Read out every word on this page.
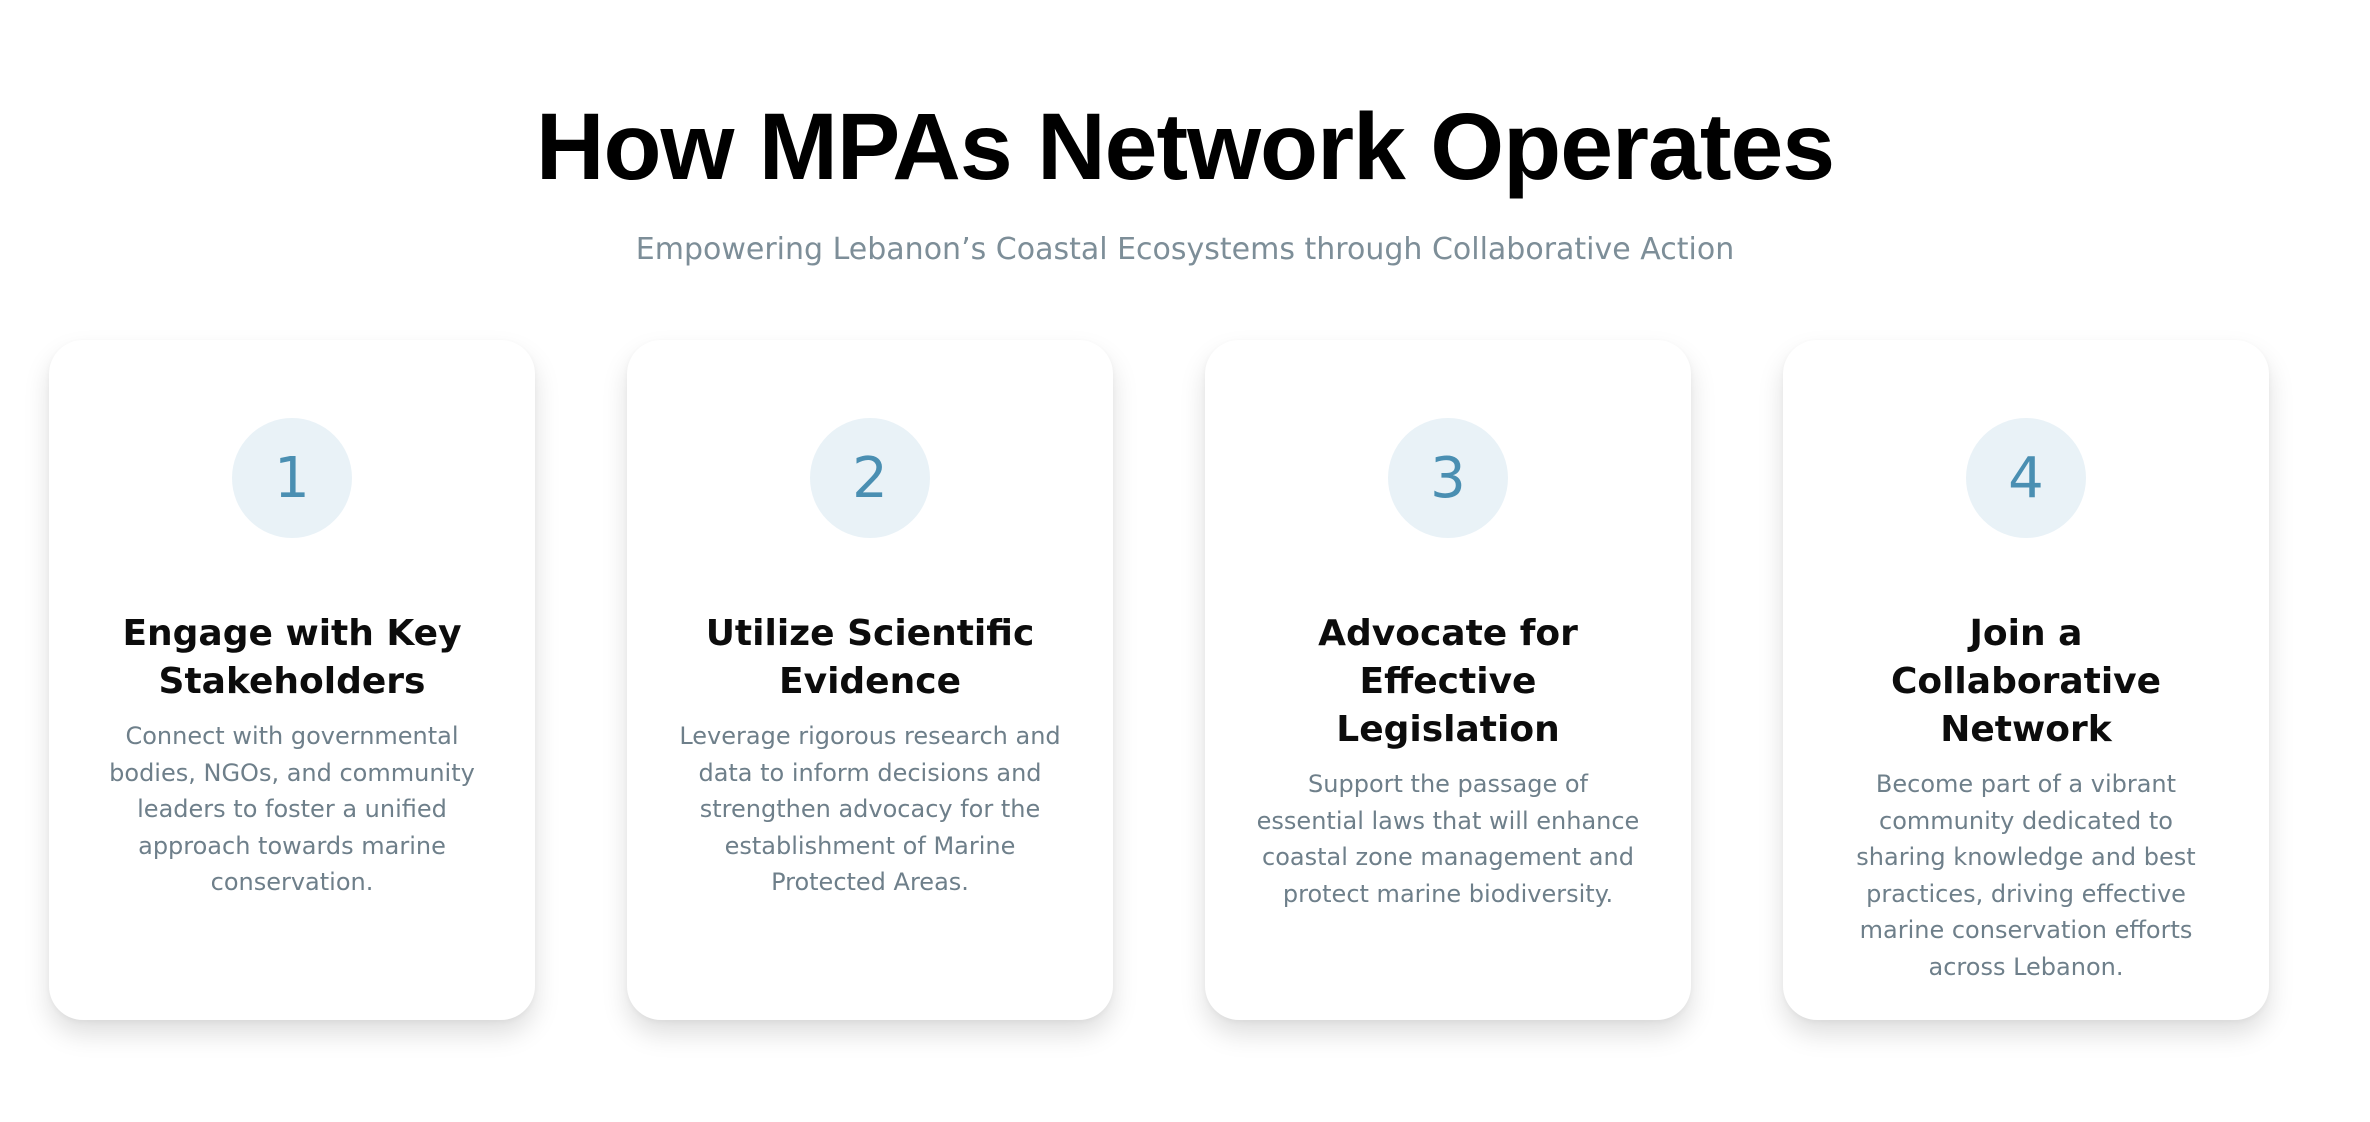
How MPAs Network Operates

Empowering Lebanon’s Coastal Ecosystems through Collaborative Action

1
Engage with Key Stakeholders

Connect with governmental bodies, NGOs, and community leaders to foster a unified approach towards marine conservation.

2
Utilize Scientific Evidence

Leverage rigorous research and data to inform decisions and strengthen advocacy for the establishment of Marine Protected Areas.

3
Advocate for Effective Legislation

Support the passage of essential laws that will enhance coastal zone management and protect marine biodiversity.

4
Join a Collaborative Network

Become part of a vibrant community dedicated to sharing knowledge and best practices, driving effective marine conservation efforts across Lebanon.
